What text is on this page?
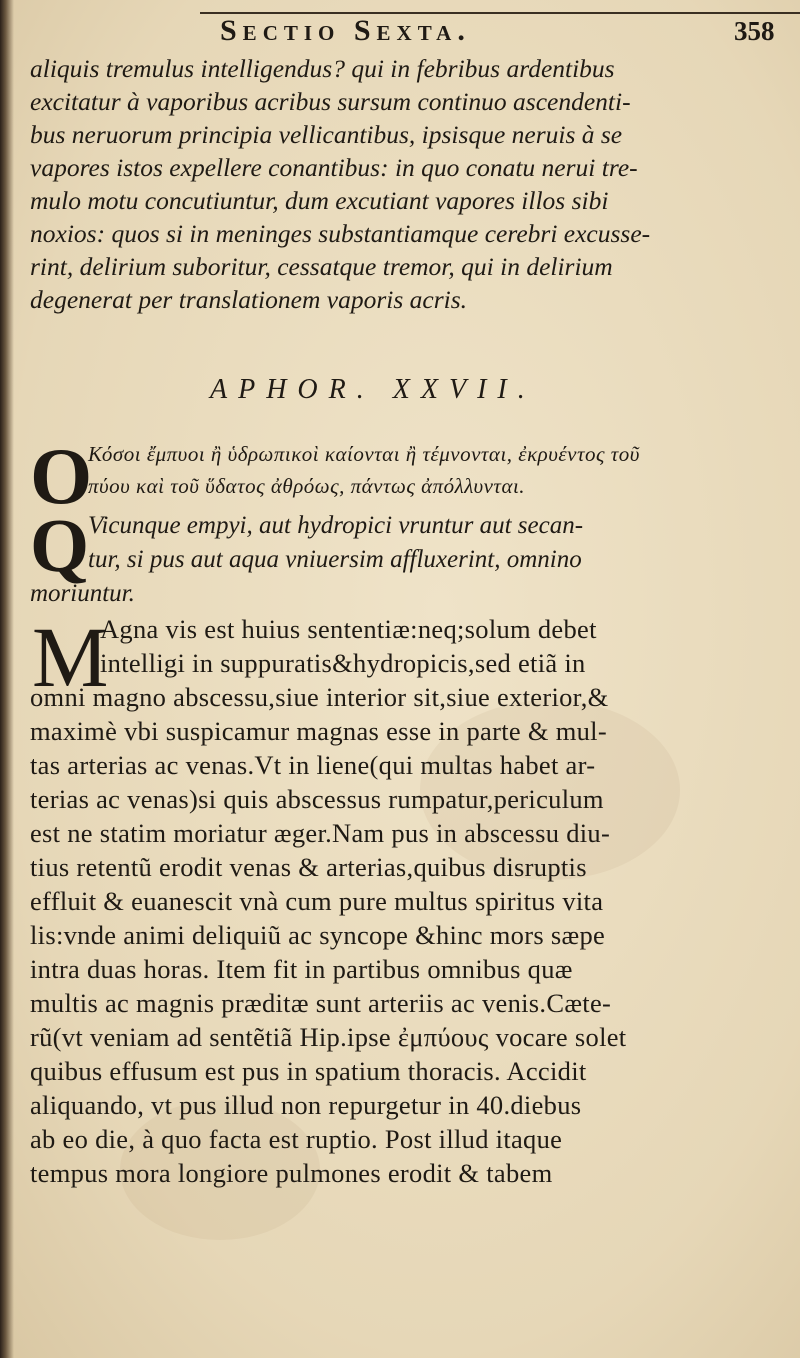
Sectio Sexta.	358
aliquis tremulus intelligendus? qui in febribus ardentibus
excitatur à vaporibus acribus sursum continuo ascendenti-
bus neruorum principia vellicantibus, ipsisque neruis à se
vapores istos expellere conantibus: in quo conatu nerui tre-
mulo motu concutiuntur, dum excutiant vapores illos sibi
noxios: quos si in meninges substantiamque cerebri excusse-
rint, delirium suboritur, cessatque tremor, qui in delirium
degenerat per translationem vaporis acris.
APHOR. XXVII.
O
Κόσοι ἔμπυοι ἢ ὑδρωπικοὶ καίονται ἢ τέμνονται, ἐκρυέντος τοῦ
πύου καὶ τοῦ ὕδατος ἀθρόως, πάντως ἀπόλλυνται.
Q
Vicunque empyi, aut hydropici vruntur aut secan-
tur, si pus aut aqua vniuersim affluxerint, omnino
moriuntur.
M
Agna vis est huius sententiæ:neq;solum debet
intelligi in suppuratis&hydropicis,sed etiã in
omni magno abscessu,siue interior sit,siue exterior,&
maximè vbi suspicamur magnas esse in parte & mul-
tas arterias ac venas.Vt in liene(qui multas habet ar-
terias ac venas)si quis abscessus rumpatur,periculum
est ne statim moriatur æger.Nam pus in abscessu diu-
tius retentũ erodit venas & arterias,quibus disruptis
effluit & euanescit vnà cum pure multus spiritus vita
lis:vnde animi deliquiũ ac syncope &hinc mors sæpe
intra duas horas. Item fit in partibus omnibus quæ
multis ac magnis præditæ sunt arteriis ac venis.Cæte-
rũ(vt veniam ad sentẽtiã Hip.ipse ἐμπύους vocare solet
quibus effusum est pus in spatium thoracis. Accidit
aliquando, vt pus illud non repurgetur in 40.diebus
ab eo die, à quo facta est ruptio. Post illud itaque
tempus mora longiore pulmones erodit & tabem
